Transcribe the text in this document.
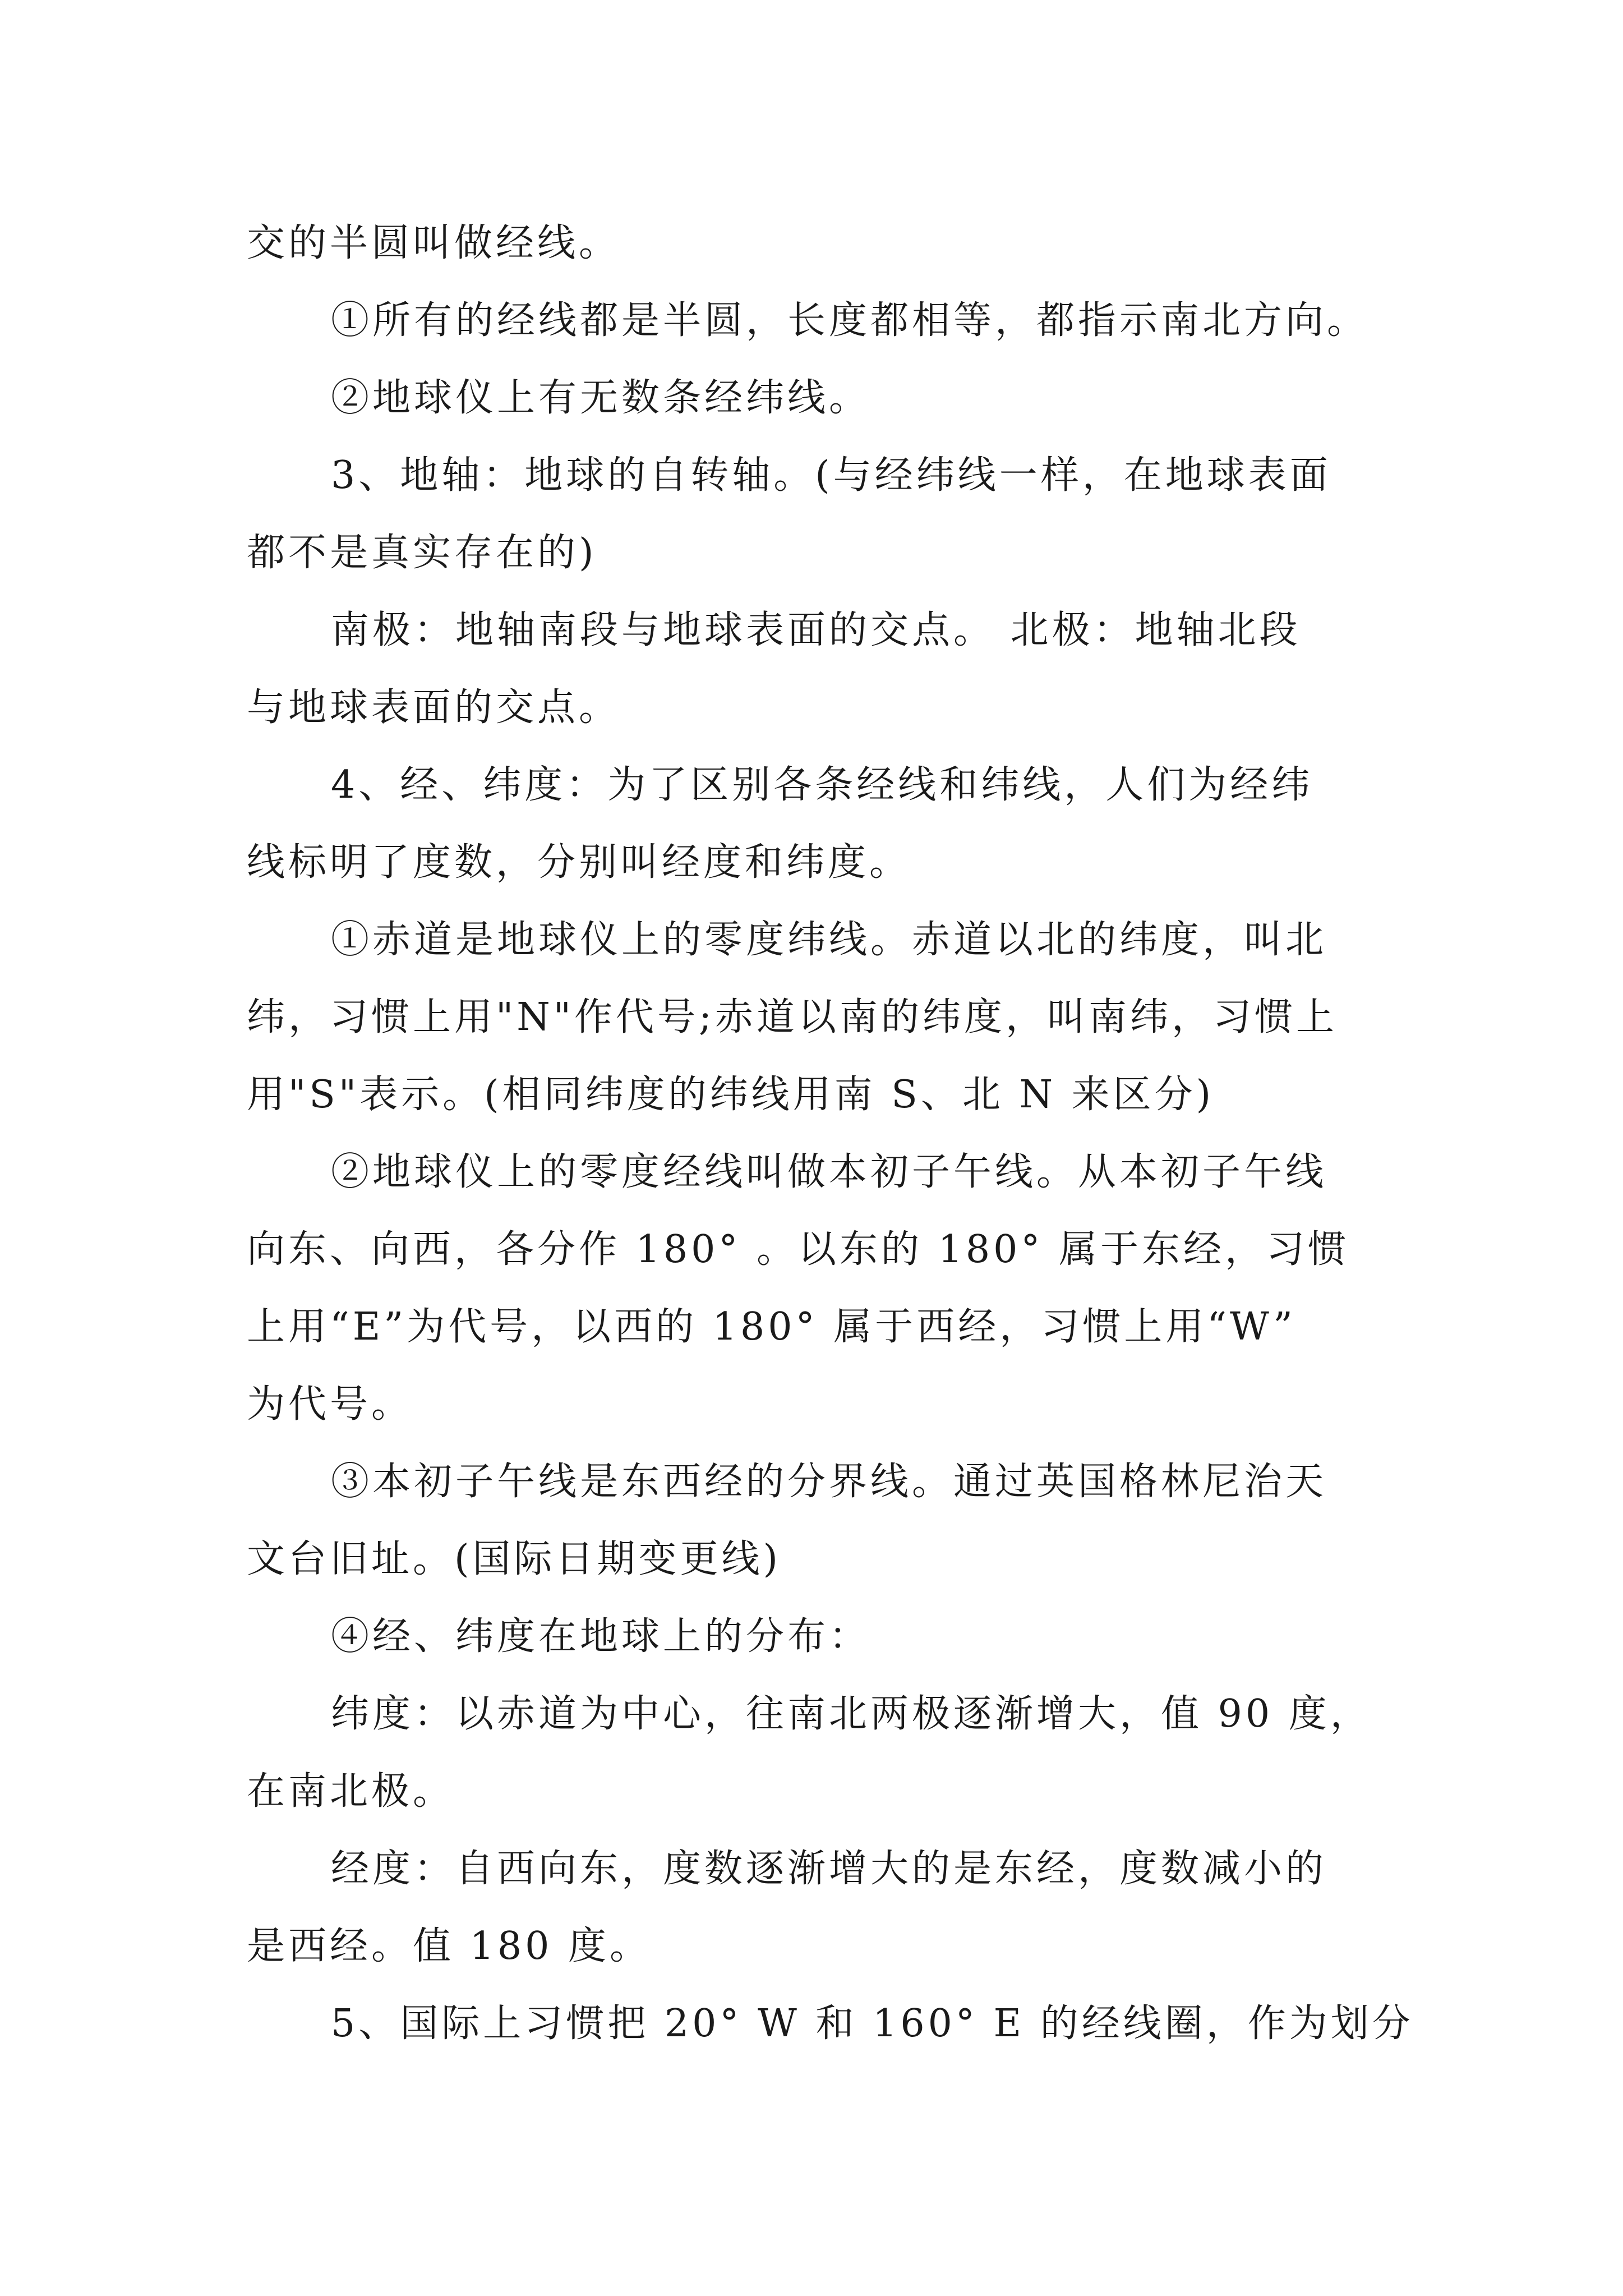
交的半圆叫做经线。
①所有的经线都是半圆，长度都相等，都指示南北方向。
②地球仪上有无数条经纬线。
3、地轴：地球的自转轴。(与经纬线一样，在地球表面
都不是真实存在的)
南极：地轴南段与地球表面的交点。 北极：地轴北段
与地球表面的交点。
4、经、纬度：为了区别各条经线和纬线，人们为经纬
线标明了度数，分别叫经度和纬度。
①赤道是地球仪上的零度纬线。赤道以北的纬度，叫北
纬，习惯上用"N"作代号;赤道以南的纬度，叫南纬，习惯上
用"S"表示。(相同纬度的纬线用南 S、北 N 来区分)
②地球仪上的零度经线叫做本初子午线。从本初子午线
向东、向西，各分作 180° 。以东的 180° 属于东经，习惯
上用“E”为代号，以西的 180° 属于西经，习惯上用“W”
为代号。
③本初子午线是东西经的分界线。通过英国格林尼治天
文台旧址。(国际日期变更线)
④经、纬度在地球上的分布：
纬度：以赤道为中心，往南北两极逐渐增大，值 90 度，
在南北极。
经度：自西向东，度数逐渐增大的是东经，度数减小的
是西经。值 180 度。
5、国际上习惯把 20° W 和 160° E 的经线圈，作为划分
